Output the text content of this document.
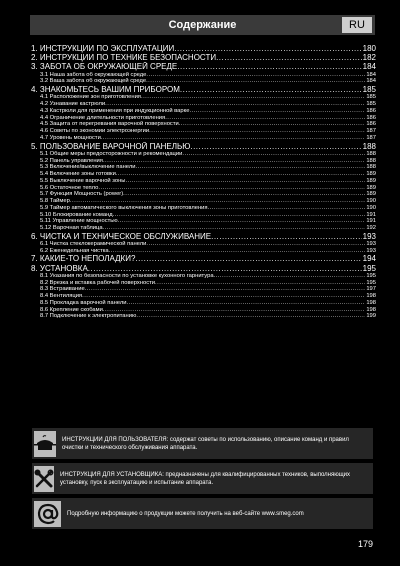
Содержание	RU
1. ИНСТРУКЦИИ ПО ЭКСПЛУАТАЦИИ .....	180
2. ИНСТРУКЦИИ ПО ТЕХНИКЕ БЕЗОПАСНОСТИ .....	182
3. ЗАБОТА ОБ ОКРУЖАЮЩЕЙ СРЕДЕ .....	184
3.1 Наша забота об окружающей среде .....	184
3.2 Ваша забота об окружающей среде .....	184
4. ЗНАКОМЬТЕСЬ ВАШИМ ПРИБОРОМ .....	185
4.1 Расположение зон приготовления .....	185
4.2 Узнавание кастрюли .....	185
4.3 Кастрюли для применения при индукционной варке .....	186
4.4 Ограничение длительности приготовления .....	186
4.5 Защита от перегревания варочной поверхности .....	186
4.6 Советы по экономии электроэнергии .....	187
4.7 Уровень мощности .....	187
5. ПОЛЬЗОВАНИЕ ВАРОЧНОЙ ПАНЕЛЬЮ .....	188
5.1 Общие меры предосторожности и рекомендации .....	188
5.2 Панель управления .....	188
5.3 Включение/выключение панели .....	188
5.4 Включение зоны готовки .....	189
5.5 Выключение варочной зоны .....	189
5.6 Остаточное тепло .....	189
5.7 Функция Мощность (power) .....	189
5.8 Таймер .....	190
5.9 Таймер автоматического выключения зоны приготовления .....	190
5.10 Блокирование команд .....	191
5.11 Управление мощностью .....	191
5.12 Варочная таблица .....	192
6. ЧИСТКА И ТЕХНИЧЕСКОЕ ОБСЛУЖИВАНИЕ .....	193
6.1 Чистка стеклокерамической панели .....	193
6.2 Еженедельная чистка .....	193
7. КАКИЕ-ТО НЕПОЛАДКИ? .....	194
8. УСТАНОВКА .....	195
8.1 Указания по безопасности по установке кухонного гарнитура .....	195
8.2 Врезка и вставка рабочей поверхности .....	195
8.3 Встраивание .....	197
8.4 Вентиляция .....	198
8.5 Прокладка варочной панели .....	198
8.6 Крепление скобами .....	198
8.7 Подключение к электропитанию .....	199
ИНСТРУКЦИИ ДЛЯ ПОЛЬЗОВАТЕЛЯ: содержат советы по использованию, описание команд и правил очистки и технического обслуживания аппарата.
ИНСТРУКЦИЯ ДЛЯ УСТАНОВЩИКА: предназначены для квалифицированных техников, выполняющих установку, пуск в эксплуатацию и испытание аппарата.
Подробную информацию о продукции можете получить на веб-сайте www.smeg.com
179
